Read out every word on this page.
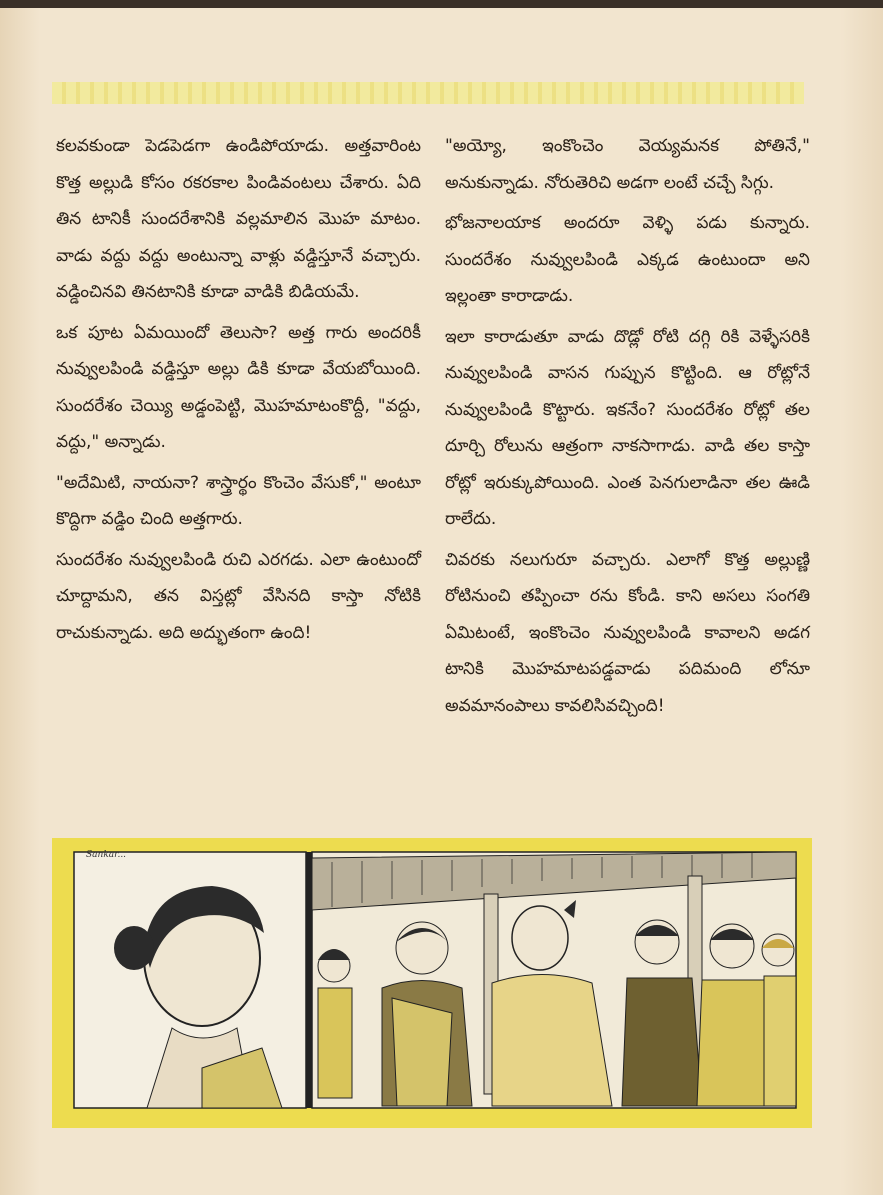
కలవకుండా పెడపెడగా ఉండిపోయాడు. అత్తవారింట కొత్త అల్లుడి కోసం రకరకాల పిండివంటలు చేశారు. ఏది తిన టానికీ సుందరేశానికి వల్లమాలిన మొహ మాటం. వాడు వద్దు వద్దు అంటున్నా వాళ్లు వడ్డిస్తూనే వచ్చారు. వడ్డించినవి తినటానికి కూడా వాడికి బిడియమే.

ఒక పూట ఏమయిందో తెలుసా? అత్త గారు అందరికీ నువ్వులపిండి వడ్డిస్తూ అల్లు డికి కూడా వేయబోయింది. సుందరేశం చెయ్యి అడ్డంపెట్టి, మొహమాటంకొద్దీ, "వద్దు, వద్దు," అన్నాడు.

"అదేమిటి, నాయనా? శాస్త్రార్థం కొంచెం వేసుకో," అంటూ కొద్దిగా వడ్డిం చింది అత్తగారు.

సుందరేశం నువ్వులపిండి రుచి ఎరగడు. ఎలా ఉంటుందో చూద్దామని, తన విస్తట్లో వేసినది కాస్తా నోటికి రాచుకున్నాడు. అది అద్భుతంగా ఉంది!

"అయ్యో, ఇంకొంచెం వెయ్యమనక పోతినే," అనుకున్నాడు. నోరుతెరిచి అడగా లంటే చచ్చే సిగ్గు.

భోజనాలయాక అందరూ వెళ్ళి పడు కున్నారు. సుందరేశం నువ్వులపిండి ఎక్కడ ఉంటుందా అని ఇల్లంతా కారాడాడు.

ఇలా కారాడుతూ వాడు దొడ్లో రోటి దగ్గి రికి వెళ్ళేసరికి నువ్వులపిండి వాసన గుప్పున కొట్టింది. ఆ రోట్లోనే నువ్వులపిండి కొట్టారు. ఇకనేం? సుందరేశం రోట్లో తల దూర్చి రోలును ఆత్రంగా నాకసాగాడు. వాడి తల కాస్తా రోట్లో ఇరుక్కుపోయింది. ఎంత పెనగులాడినా తల ఊడి రాలేదు.

చివరకు నలుగురూ వచ్చారు. ఎలాగో కొత్త అల్లుణ్ణి రోటినుంచి తప్పించా రను కోండి. కాని అసలు సంగతి ఏమిటంటే, ఇంకొంచెం నువ్వులపిండి కావాలని అడగ టానికి మొహమాటపడ్డవాడు పదిమంది లోనూ అవమానంపాలు కావలిసివచ్చింది!

Sankar...
